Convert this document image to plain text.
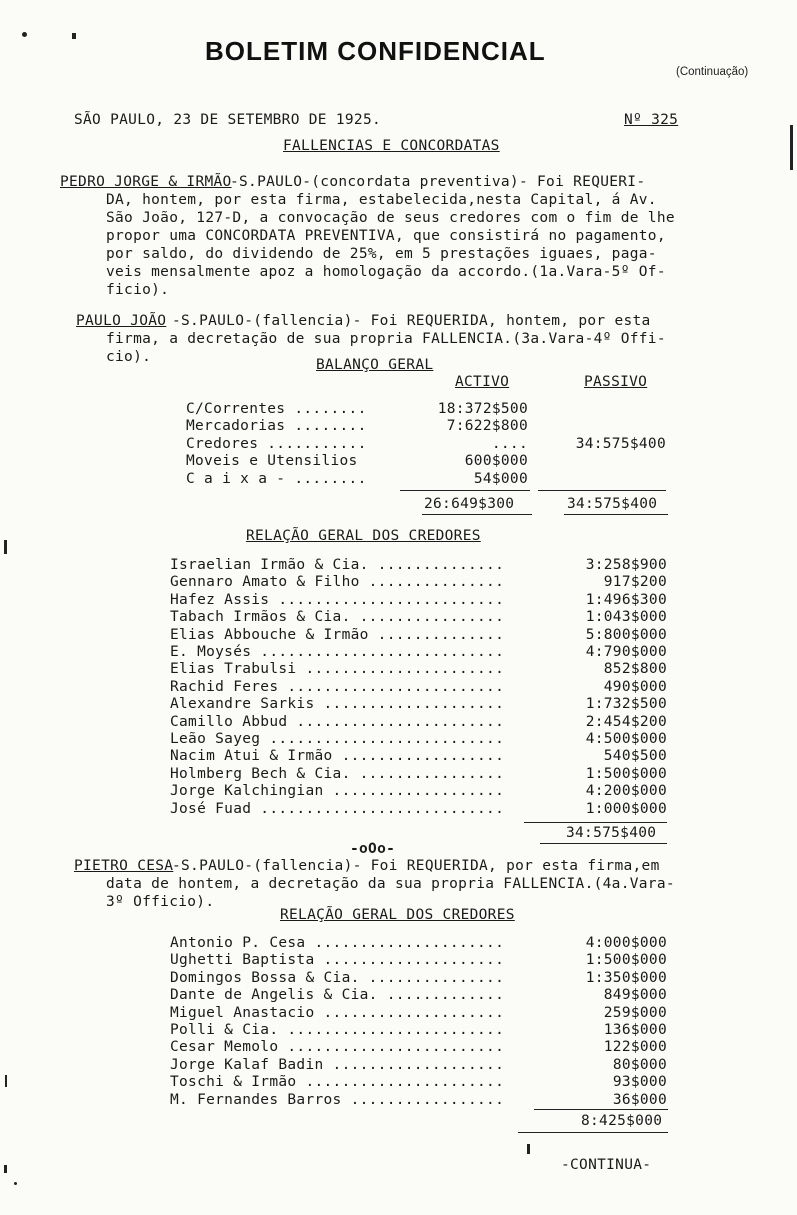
BOLETIM CONFIDENCIAL
(Continuação)
SÃO PAULO, 23 DE SETEMBRO DE 1925.	Nº 325
FALLENCIAS E CONCORDATAS
PEDRO JORGE & IRMÃO
-S.PAULO-(concordata preventiva)- Foi REQUERI-
DA, hontem, por esta firma, estabelecida,nesta Capital, á Av.
São João, 127-D, a convocação de seus credores com o fim de lhe
propor uma CONCORDATA PREVENTIVA, que consistirá no pagamento,
por saldo, do dividendo de 25%, em 5 prestações iguaes, paga-
veis mensalmente apoz a homologação da accordo.(1a.Vara-5º Of-
ficio).
PAULO JOÃO -S.PAULO-(fallencia)- Foi REQUERIDA, hontem, por esta
firma, a decretação de sua propria FALLENCIA.(3a.Vara-4º Offi-
cio).	BALANÇO GERAL
ACTIVO	PASSIVO
C/Correntes ........	18:372$500
Mercadorias ........	7:622$800
Credores ...........	....	34:575$400
Moveis e Utensilios	600$000
C a i x a - ........	54$000
26:649$300	34:575$400
RELAÇÃO GERAL DOS CREDORES
Israelian Irmão & Cia. ..............	3:258$900
Gennaro Amato & Filho ...............	917$200
Hafez Assis .........................	1:496$300
Tabach Irmãos & Cia. ................	1:043$000
Elias Abbouche & Irmão ..............	5:800$000
E. Moysés ...........................	4:790$000
Elias Trabulsi ......................	852$800
Rachid Feres ........................	490$000
Alexandre Sarkis ....................	1:732$500
Camillo Abbud .......................	2:454$200
Leão Sayeg ..........................	4:500$000
Nacim Atui & Irmão ..................	540$500
Holmberg Bech & Cia. ................	1:500$000
Jorge Kalchingian ...................	4:200$000
José Fuad ...........................	1:000$000
34:575$400
-oOo-
PIETRO CESA
-S.PAULO-(fallencia)- Foi REQUERIDA, por esta firma,em
data de hontem, a decretação da sua propria FALLENCIA.(4a.Vara-
3º Officio).
RELAÇÃO GERAL DOS CREDORES
Antonio P. Cesa .....................	4:000$000
Ughetti Baptista ....................	1:500$000
Domingos Bossa & Cia. ...............	1:350$000
Dante de Angelis & Cia. .............	849$000
Miguel Anastacio ....................	259$000
Polli & Cia. ........................	136$000
Cesar Memolo ........................	122$000
Jorge Kalaf Badin ...................	80$000
Toschi & Irmão ......................	93$000
M. Fernandes Barros .................	36$000
8:425$000
-CONTINUA-
